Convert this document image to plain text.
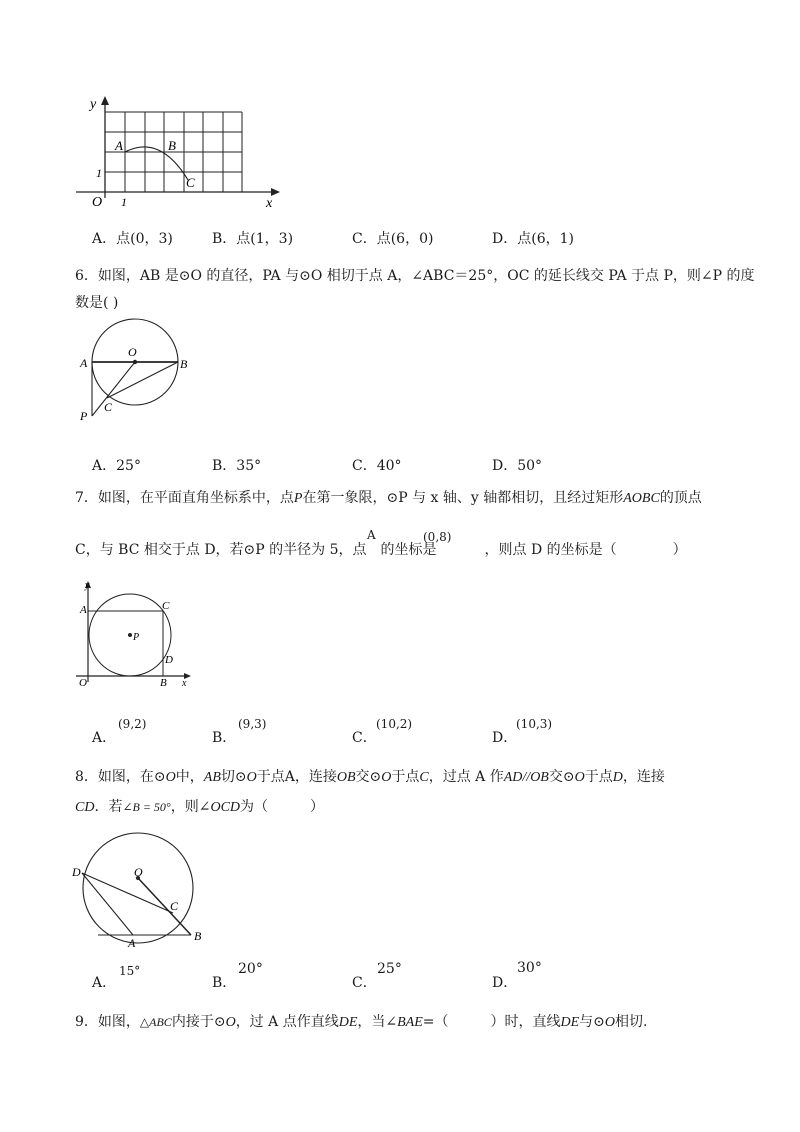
y
x
O 1
1
A	B
C
A．点(0，3)	B．点(1，3)	C．点(6，0)	D．点(6，1)
6．如图，AB 是⊙O 的直径，PA 与⊙O 相切于点 A，∠ABC＝25°，OC 的延长线交 PA 于点 P，则∠P 的度
数是( )
A
O
B
C
P
A．25°	B．35°	C．40°	D．50°
7．如图，在平面直角坐标系中，点P在第一象限，⊙P 与 x 轴、y 轴都相切，且经过矩形AOBC的顶点
C，与 BC 相交于点 D，若⊙P 的半径为 5，点 的坐标是	，则点 D 的坐标是（　　　　）
A	(0,8)
y
A	C
P
D
O	B x
A．
(9,2)
B．
(9,3)
C．
(10,2)
D．
(10,3)
8．如图，在⊙O中，AB切⊙O于点A，连接OB交⊙O于点C，过点 A 作AD//OB交⊙O于点D，连接
CD．若∠B = 50°，则∠OCD为（　　　）
D	O
C
A	B
A．
15°
B．
20°
C．
25°
D．
30°
9．如图，△ABC内接于⊙O，过 A 点作直线DE，当∠BAE=（　　　）时，直线DE与⊙O相切.
